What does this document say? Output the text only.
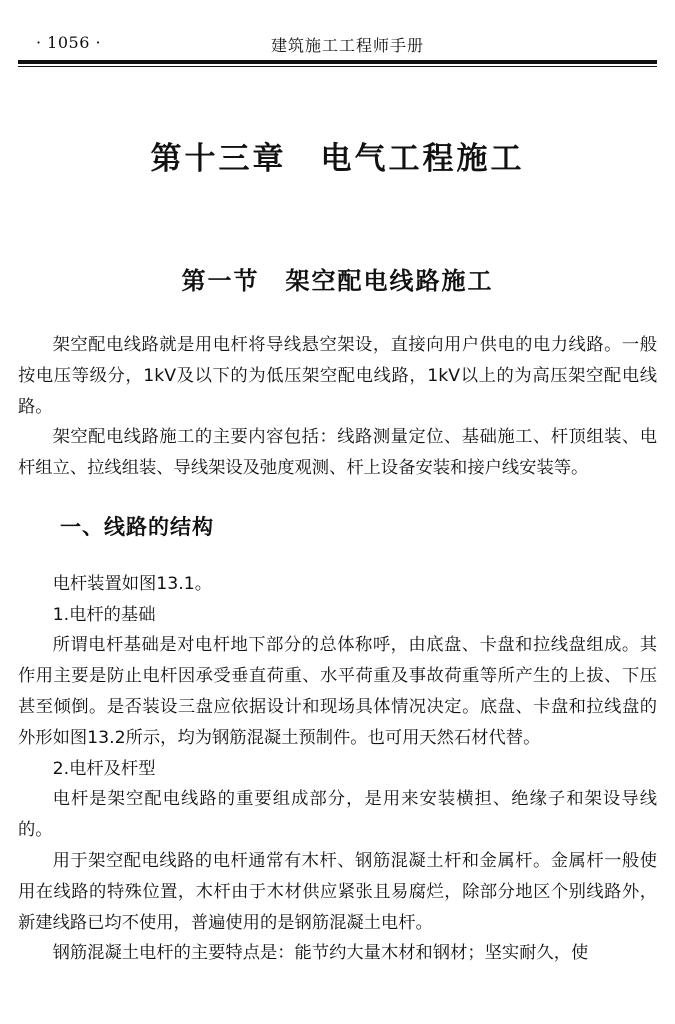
· 1056 ·	建筑施工工程师手册
第十三章　电气工程施工
第一节　架空配电线路施工

架空配电线路就是用电杆将导线悬空架设，直接向用户供电的电力线路。一般按电压等级分，1kV及以下的为低压架空配电线路，1kV以上的为高压架空配电线路。

架空配电线路施工的主要内容包括：线路测量定位、基础施工、杆顶组装、电杆组立、拉线组装、导线架设及弛度观测、杆上设备安装和接户线安装等。

一、线路的结构

电杆装置如图13.1。

1.电杆的基础

所谓电杆基础是对电杆地下部分的总体称呼，由底盘、卡盘和拉线盘组成。其作用主要是防止电杆因承受垂直荷重、水平荷重及事故荷重等所产生的上拔、下压甚至倾倒。是否装设三盘应依据设计和现场具体情况决定。底盘、卡盘和拉线盘的外形如图13.2所示，均为钢筋混凝土预制件。也可用天然石材代替。

2.电杆及杆型

电杆是架空配电线路的重要组成部分，是用来安装横担、绝缘子和架设导线的。

用于架空配电线路的电杆通常有木杆、钢筋混凝土杆和金属杆。金属杆一般使用在线路的特殊位置，木杆由于木材供应紧张且易腐烂，除部分地区个别线路外，新建线路已均不使用，普遍使用的是钢筋混凝土电杆。

钢筋混凝土电杆的主要特点是：能节约大量木材和钢材；坚实耐久，使
